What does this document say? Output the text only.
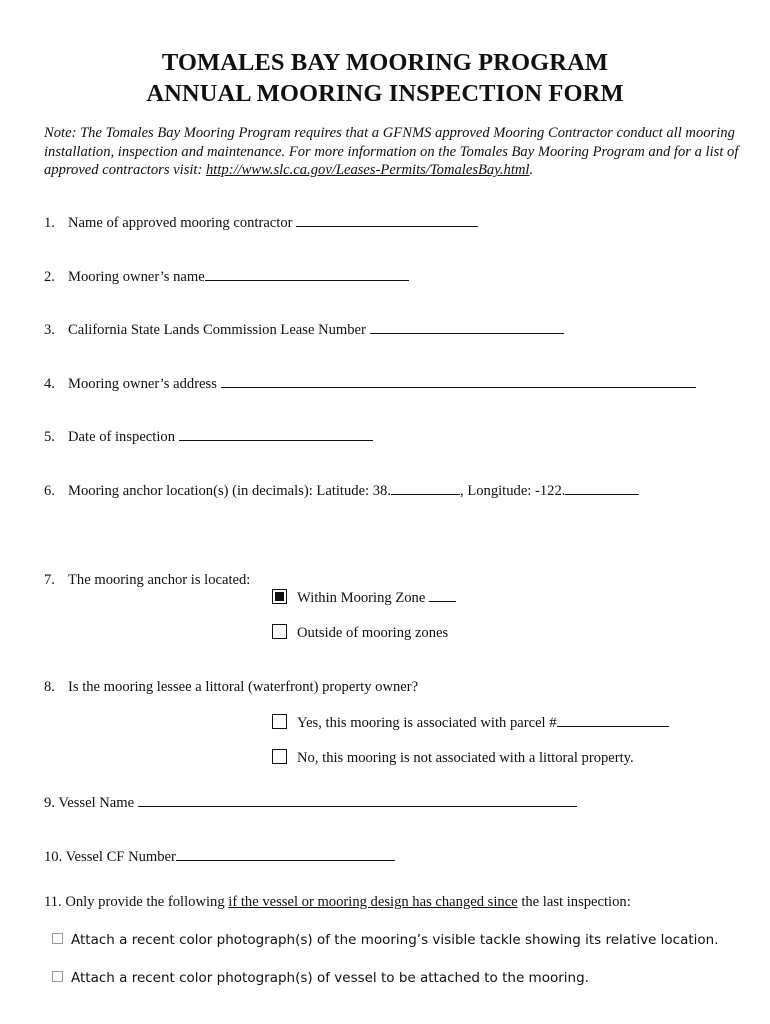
TOMALES BAY MOORING PROGRAM
ANNUAL MOORING INSPECTION FORM
Note: The Tomales Bay Mooring Program requires that a GFNMS approved Mooring Contractor conduct all mooring installation, inspection and maintenance. For more information on the Tomales Bay Mooring Program and for a list of approved contractors visit: http://www.slc.ca.gov/Leases-Permits/TomalesBay.html.
1. Name of approved mooring contractor
2. Mooring owner’s name
3. California State Lands Commission Lease Number
4. Mooring owner’s address
5. Date of inspection
6. Mooring anchor location(s) (in decimals): Latitude: 38.	, Longitude: -122.
7. The mooring anchor is located:
Within Mooring Zone
Outside of mooring zones
8. Is the mooring lessee a littoral (waterfront) property owner?
Yes, this mooring is associated with parcel #
No, this mooring is not associated with a littoral property.
9. Vessel Name
10. Vessel CF Number
11. Only provide the following if the vessel or mooring design has changed since the last inspection:
Attach a recent color photograph(s) of the mooring’s visible tackle showing its relative location.
Attach a recent color photograph(s) of vessel to be attached to the mooring.
